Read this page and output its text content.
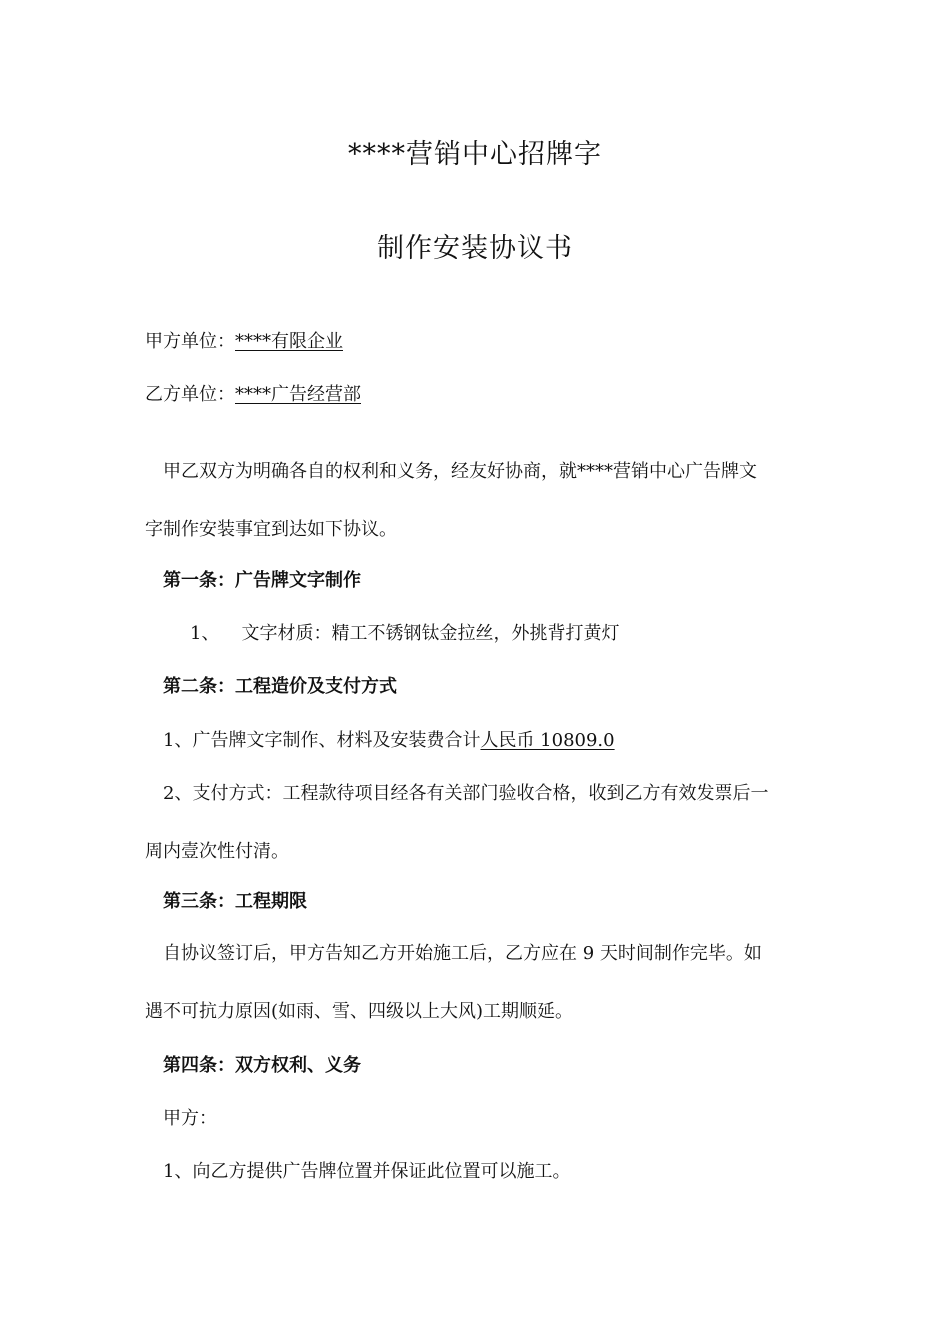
****营销中心招牌字
制作安装协议书
甲方单位：****有限企业
乙方单位：****广告经营部
甲乙双方为明确各自的权利和义务，经友好协商，就****营销中心广告牌文
字制作安装事宜到达如下协议。
第一条：广告牌文字制作
1、 文字材质：精工不锈钢钛金拉丝，外挑背打黄灯
第二条：工程造价及支付方式
1、广告牌文字制作、材料及安装费合计人民币 10809.0
2、支付方式：工程款待项目经各有关部门验收合格，收到乙方有效发票后一
周内壹次性付清。
第三条：工程期限
自协议签订后，甲方告知乙方开始施工后，乙方应在 9 天时间制作完毕。如
遇不可抗力原因(如雨、雪、四级以上大风)工期顺延。
第四条：双方权利、义务
甲方：
1、向乙方提供广告牌位置并保证此位置可以施工。
